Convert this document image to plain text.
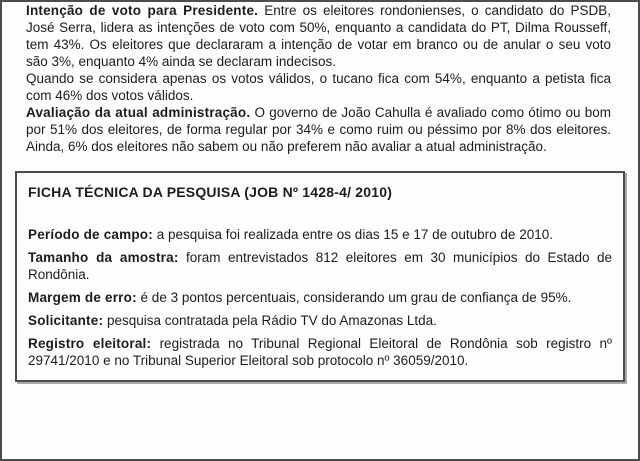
Intenção de voto para Presidente. Entre os eleitores rondonienses, o candidato do PSDB, José Serra, lidera as intenções de voto com 50%, enquanto a candidata do PT, Dilma Rousseff, tem 43%. Os eleitores que declararam a intenção de votar em branco ou de anular o seu voto são 3%, enquanto 4% ainda se declaram indecisos.

Quando se considera apenas os votos válidos, o tucano fica com 54%, enquanto a petista fica com 46% dos votos válidos.

Avaliação da atual administração. O governo de João Cahulla é avaliado como ótimo ou bom por 51% dos eleitores, de forma regular por 34% e como ruim ou péssimo por 8% dos eleitores. Ainda, 6% dos eleitores não sabem ou não preferem não avaliar a atual administração.

FICHA TÉCNICA DA PESQUISA (JOB Nº 1428-4/ 2010)

Período de campo: a pesquisa foi realizada entre os dias 15 e 17 de outubro de 2010.

Tamanho da amostra: foram entrevistados 812 eleitores em 30 municípios do Estado de Rondônia.

Margem de erro: é de 3 pontos percentuais, considerando um grau de confiança de 95%.

Solicitante: pesquisa contratada pela Rádio TV do Amazonas Ltda.

Registro eleitoral: registrada no Tribunal Regional Eleitoral de Rondônia sob registro nº 29741/2010 e no Tribunal Superior Eleitoral sob protocolo nº 36059/2010.
